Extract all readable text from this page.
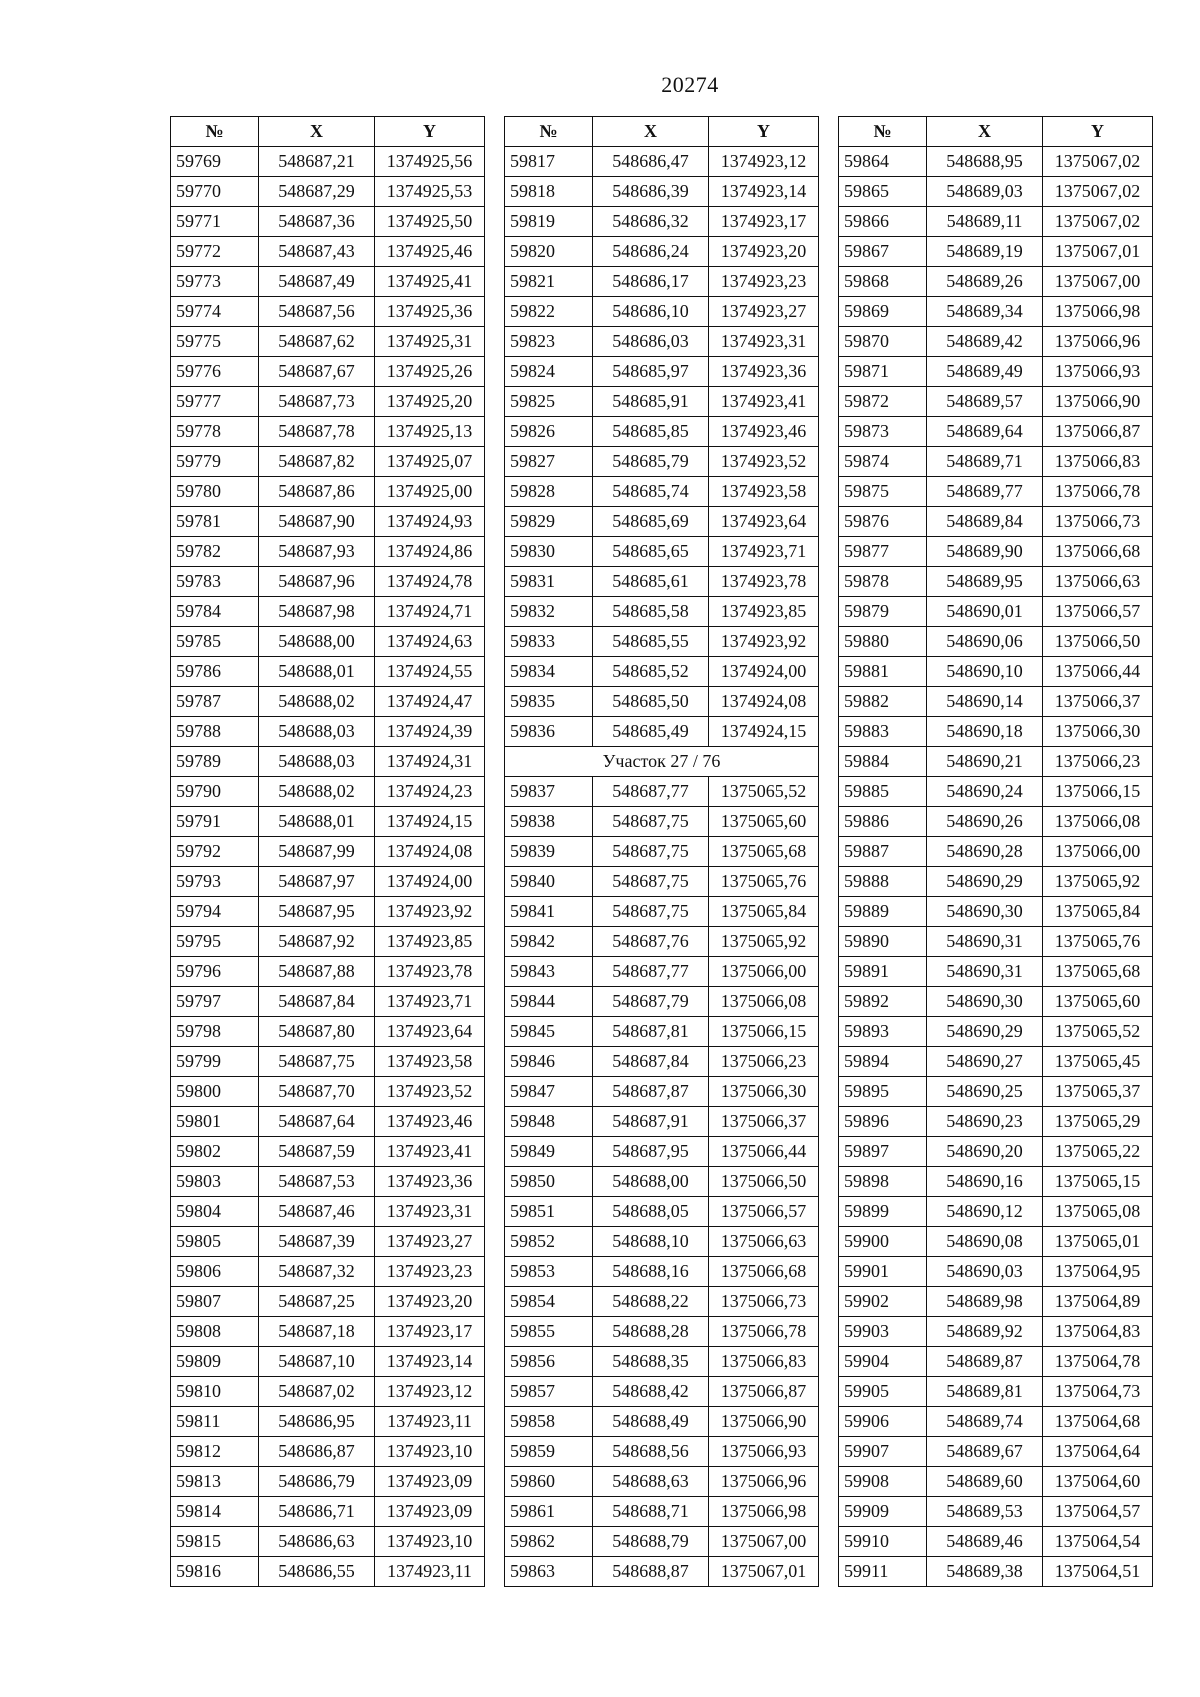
20274
№	X	Y
59769	548687,21	1374925,56
59770	548687,29	1374925,53
59771	548687,36	1374925,50
59772	548687,43	1374925,46
59773	548687,49	1374925,41
59774	548687,56	1374925,36
59775	548687,62	1374925,31
59776	548687,67	1374925,26
59777	548687,73	1374925,20
59778	548687,78	1374925,13
59779	548687,82	1374925,07
59780	548687,86	1374925,00
59781	548687,90	1374924,93
59782	548687,93	1374924,86
59783	548687,96	1374924,78
59784	548687,98	1374924,71
59785	548688,00	1374924,63
59786	548688,01	1374924,55
59787	548688,02	1374924,47
59788	548688,03	1374924,39
59789	548688,03	1374924,31
59790	548688,02	1374924,23
59791	548688,01	1374924,15
59792	548687,99	1374924,08
59793	548687,97	1374924,00
59794	548687,95	1374923,92
59795	548687,92	1374923,85
59796	548687,88	1374923,78
59797	548687,84	1374923,71
59798	548687,80	1374923,64
59799	548687,75	1374923,58
59800	548687,70	1374923,52
59801	548687,64	1374923,46
59802	548687,59	1374923,41
59803	548687,53	1374923,36
59804	548687,46	1374923,31
59805	548687,39	1374923,27
59806	548687,32	1374923,23
59807	548687,25	1374923,20
59808	548687,18	1374923,17
59809	548687,10	1374923,14
59810	548687,02	1374923,12
59811	548686,95	1374923,11
59812	548686,87	1374923,10
59813	548686,79	1374923,09
59814	548686,71	1374923,09
59815	548686,63	1374923,10
59816	548686,55	1374923,11
№	X	Y
59817	548686,47	1374923,12
59818	548686,39	1374923,14
59819	548686,32	1374923,17
59820	548686,24	1374923,20
59821	548686,17	1374923,23
59822	548686,10	1374923,27
59823	548686,03	1374923,31
59824	548685,97	1374923,36
59825	548685,91	1374923,41
59826	548685,85	1374923,46
59827	548685,79	1374923,52
59828	548685,74	1374923,58
59829	548685,69	1374923,64
59830	548685,65	1374923,71
59831	548685,61	1374923,78
59832	548685,58	1374923,85
59833	548685,55	1374923,92
59834	548685,52	1374924,00
59835	548685,50	1374924,08
59836	548685,49	1374924,15
Участок 27 / 76		
59837	548687,77	1375065,52
59838	548687,75	1375065,60
59839	548687,75	1375065,68
59840	548687,75	1375065,76
59841	548687,75	1375065,84
59842	548687,76	1375065,92
59843	548687,77	1375066,00
59844	548687,79	1375066,08
59845	548687,81	1375066,15
59846	548687,84	1375066,23
59847	548687,87	1375066,30
59848	548687,91	1375066,37
59849	548687,95	1375066,44
59850	548688,00	1375066,50
59851	548688,05	1375066,57
59852	548688,10	1375066,63
59853	548688,16	1375066,68
59854	548688,22	1375066,73
59855	548688,28	1375066,78
59856	548688,35	1375066,83
59857	548688,42	1375066,87
59858	548688,49	1375066,90
59859	548688,56	1375066,93
59860	548688,63	1375066,96
59861	548688,71	1375066,98
59862	548688,79	1375067,00
59863	548688,87	1375067,01
№	X	Y
59864	548688,95	1375067,02
59865	548689,03	1375067,02
59866	548689,11	1375067,02
59867	548689,19	1375067,01
59868	548689,26	1375067,00
59869	548689,34	1375066,98
59870	548689,42	1375066,96
59871	548689,49	1375066,93
59872	548689,57	1375066,90
59873	548689,64	1375066,87
59874	548689,71	1375066,83
59875	548689,77	1375066,78
59876	548689,84	1375066,73
59877	548689,90	1375066,68
59878	548689,95	1375066,63
59879	548690,01	1375066,57
59880	548690,06	1375066,50
59881	548690,10	1375066,44
59882	548690,14	1375066,37
59883	548690,18	1375066,30
59884	548690,21	1375066,23
59885	548690,24	1375066,15
59886	548690,26	1375066,08
59887	548690,28	1375066,00
59888	548690,29	1375065,92
59889	548690,30	1375065,84
59890	548690,31	1375065,76
59891	548690,31	1375065,68
59892	548690,30	1375065,60
59893	548690,29	1375065,52
59894	548690,27	1375065,45
59895	548690,25	1375065,37
59896	548690,23	1375065,29
59897	548690,20	1375065,22
59898	548690,16	1375065,15
59899	548690,12	1375065,08
59900	548690,08	1375065,01
59901	548690,03	1375064,95
59902	548689,98	1375064,89
59903	548689,92	1375064,83
59904	548689,87	1375064,78
59905	548689,81	1375064,73
59906	548689,74	1375064,68
59907	548689,67	1375064,64
59908	548689,60	1375064,60
59909	548689,53	1375064,57
59910	548689,46	1375064,54
59911	548689,38	1375064,51
